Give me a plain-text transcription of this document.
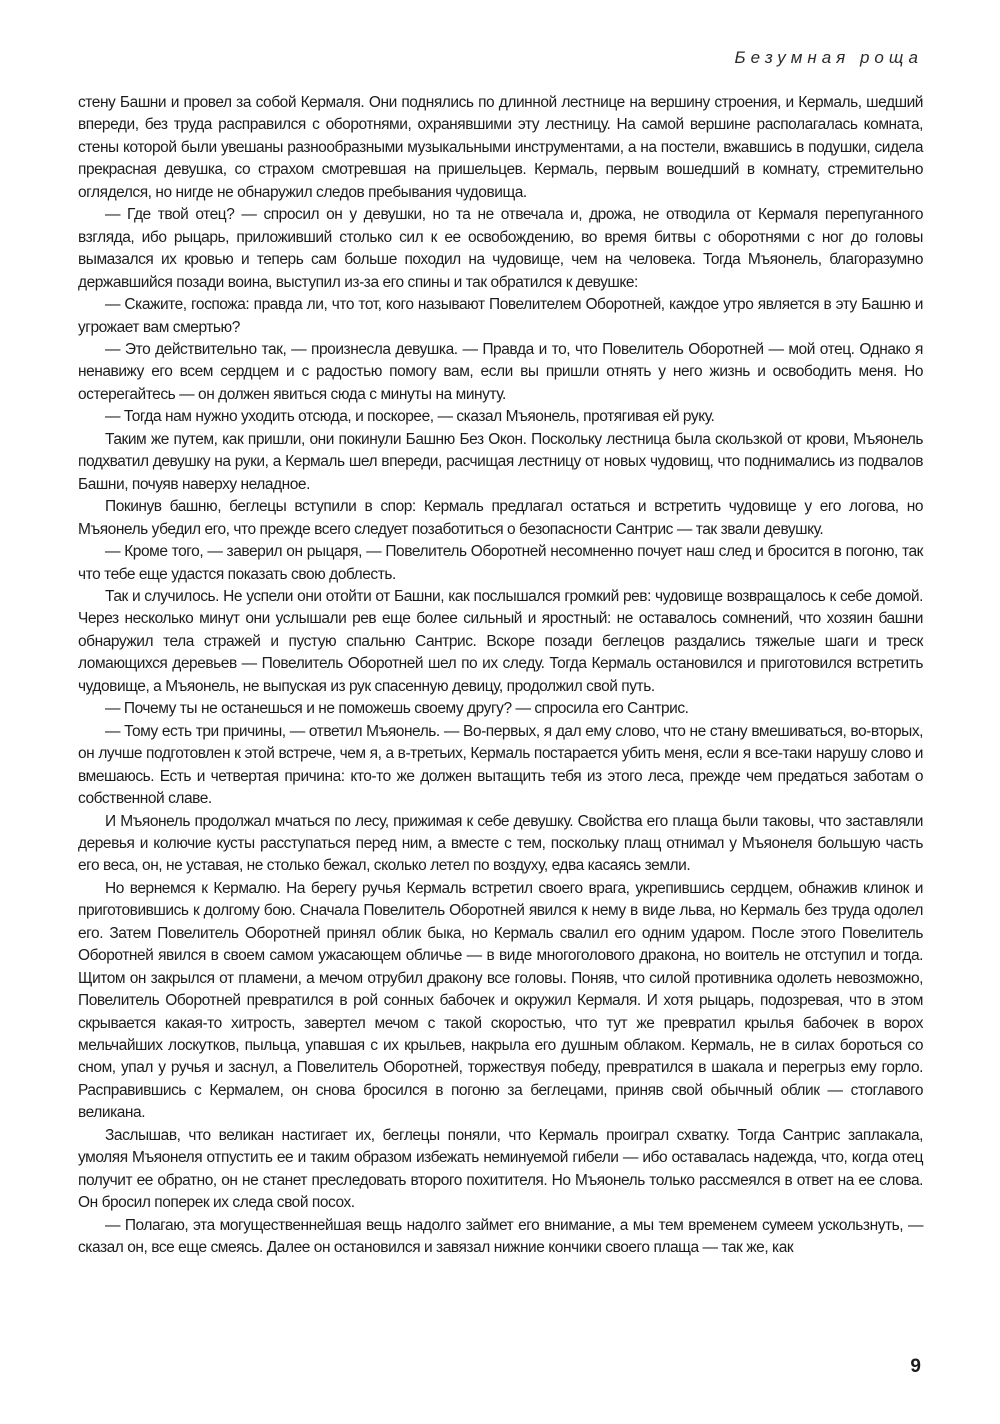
Безумная роща

стену Башни и провел за собой Кермаля. Они поднялись по длинной лестнице на вершину строения, и Кермаль, шедший впереди, без труда расправился с оборотнями, охранявшими эту лестницу. На самой вершине располагалась комната, стены которой были увешаны разнообразными музыкальными инструментами, а на постели, вжавшись в подушки, сидела прекрасная девушка, со страхом смотревшая на пришельцев. Кермаль, первым вошедший в комнату, стремительно огляделся, но нигде не обнаружил следов пребывания чудовища.

— Где твой отец? — спросил он у девушки, но та не отвечала и, дрожа, не отводила от Кермаля перепуганного взгляда, ибо рыцарь, приложивший столько сил к ее освобождению, во время битвы с оборотнями с ног до головы вымазался их кровью и теперь сам больше походил на чудовище, чем на человека. Тогда Мъяонель, благоразумно державшийся позади воина, выступил из-за его спины и так обратился к девушке:

— Скажите, госпожа: правда ли, что тот, кого называют Повелителем Оборотней, каждое утро является в эту Башню и угрожает вам смертью?

— Это действительно так, — произнесла девушка. — Правда и то, что Повелитель Оборотней — мой отец. Однако я ненавижу его всем сердцем и с радостью помогу вам, если вы пришли отнять у него жизнь и освободить меня. Но остерегайтесь — он должен явиться сюда с минуты на минуту.

— Тогда нам нужно уходить отсюда, и поскорее, — сказал Мъяонель, протягивая ей руку.

Таким же путем, как пришли, они покинули Башню Без Окон. Поскольку лестница была скользкой от крови, Мъяонель подхватил девушку на руки, а Кермаль шел впереди, расчищая лестницу от новых чудовищ, что поднимались из подвалов Башни, почуяв наверху неладное.

Покинув башню, беглецы вступили в спор: Кермаль предлагал остаться и встретить чудовище у его логова, но Мъяонель убедил его, что прежде всего следует позаботиться о безопасности Сантрис — так звали девушку.

— Кроме того, — заверил он рыцаря, — Повелитель Оборотней несомненно почует наш след и бросится в погоню, так что тебе еще удастся показать свою доблесть.

Так и случилось. Не успели они отойти от Башни, как послышался громкий рев: чудовище возвращалось к себе домой. Через несколько минут они услышали рев еще более сильный и яростный: не оставалось сомнений, что хозяин башни обнаружил тела стражей и пустую спальню Сантрис. Вскоре позади беглецов раздались тяжелые шаги и треск ломающихся деревьев — Повелитель Оборотней шел по их следу. Тогда Кермаль остановился и приготовился встретить чудовище, а Мъяонель, не выпуская из рук спасенную девицу, продолжил свой путь.

— Почему ты не останешься и не поможешь своему другу? — спросила его Сантрис.

— Тому есть три причины, — ответил Мъяонель. — Во-первых, я дал ему слово, что не стану вмешиваться, во-вторых, он лучше подготовлен к этой встрече, чем я, а в-третьих, Кермаль постарается убить меня, если я все-таки нарушу слово и вмешаюсь. Есть и четвертая причина: кто-то же должен вытащить тебя из этого леса, прежде чем предаться заботам о собственной славе.

И Мъяонель продолжал мчаться по лесу, прижимая к себе девушку. Свойства его плаща были таковы, что заставляли деревья и колючие кусты расступаться перед ним, а вместе с тем, поскольку плащ отнимал у Мъяонеля большую часть его веса, он, не уставая, не столько бежал, сколько летел по воздуху, едва касаясь земли.

Но вернемся к Кермалю. На берегу ручья Кермаль встретил своего врага, укрепившись сердцем, обнажив клинок и приготовившись к долгому бою. Сначала Повелитель Оборотней явился к нему в виде льва, но Кермаль без труда одолел его. Затем Повелитель Оборотней принял облик быка, но Кермаль свалил его одним ударом. После этого Повелитель Оборотней явился в своем самом ужасающем обличье — в виде многоголового дракона, но воитель не отступил и тогда. Щитом он закрылся от пламени, а мечом отрубил дракону все головы. Поняв, что силой противника одолеть невозможно, Повелитель Оборотней превратился в рой сонных бабочек и окружил Кермаля. И хотя рыцарь, подозревая, что в этом скрывается какая-то хитрость, завертел мечом с такой скоростью, что тут же превратил крылья бабочек в ворох мельчайших лоскутков, пыльца, упавшая с их крыльев, накрыла его душным облаком. Кермаль, не в силах бороться со сном, упал у ручья и заснул, а Повелитель Оборотней, торжествуя победу, превратился в шакала и перегрыз ему горло. Расправившись с Кермалем, он снова бросился в погоню за беглецами, приняв свой обычный облик — стоглавого великана.

Заслышав, что великан настигает их, беглецы поняли, что Кермаль проиграл схватку. Тогда Сантрис заплакала, умоляя Мъяонеля отпустить ее и таким образом избежать неминуемой гибели — ибо оставалась надежда, что, когда отец получит ее обратно, он не станет преследовать второго похитителя. Но Мъяонель только рассмеялся в ответ на ее слова. Он бросил поперек их следа свой посох.

— Полагаю, эта могущественнейшая вещь надолго займет его внимание, а мы тем временем сумеем ускользнуть, — сказал он, все еще смеясь. Далее он остановился и завязал нижние кончики своего плаща — так же, как

9
